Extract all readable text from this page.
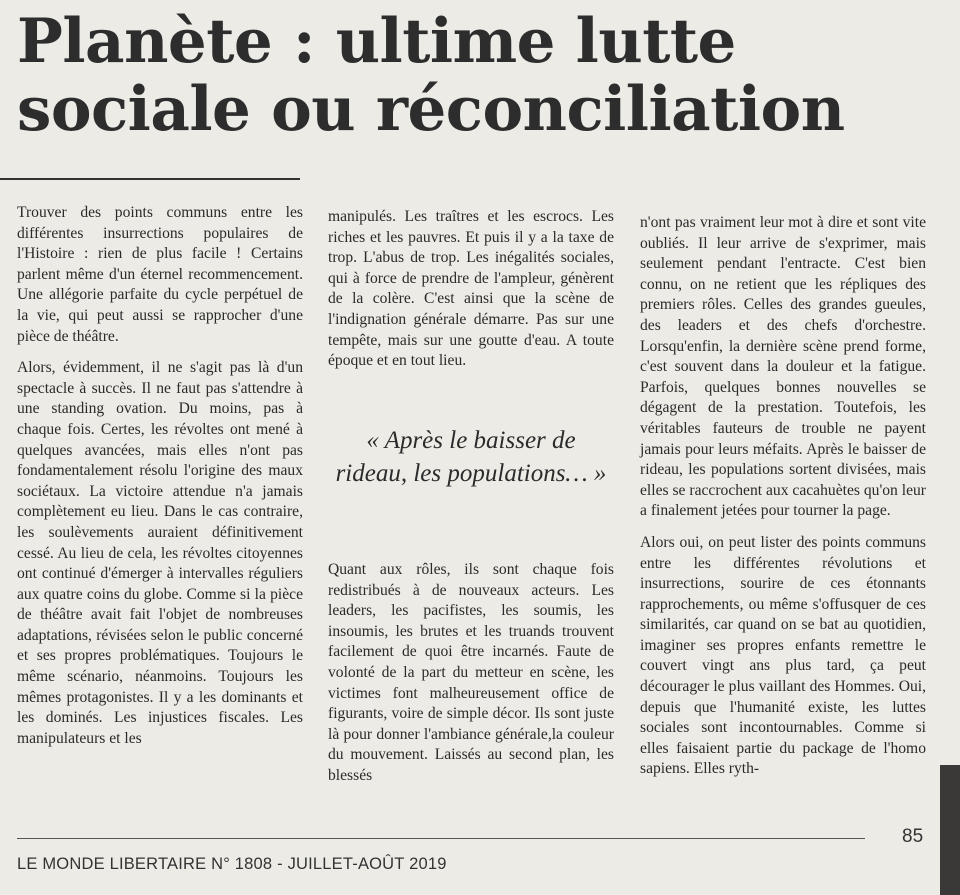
Planète : ultime lutte sociale ou réconciliation

Trouver des points communs entre les différentes insurrections populaires de l'Histoire : rien de plus facile ! Certains parlent même d'un éternel recommencement. Une allégorie parfaite du cycle perpétuel de la vie, qui peut aussi se rapprocher d'une pièce de théâtre.

Alors, évidemment, il ne s'agit pas là d'un spectacle à succès. Il ne faut pas s'attendre à une standing ovation. Du moins, pas à chaque fois. Certes, les révoltes ont mené à quelques avancées, mais elles n'ont pas fondamentalement résolu l'origine des maux sociétaux. La victoire attendue n'a jamais complètement eu lieu. Dans le cas contraire, les soulèvements auraient définitivement cessé. Au lieu de cela, les révoltes citoyennes ont continué d'émerger à intervalles réguliers aux quatre coins du globe. Comme si la pièce de théâtre avait fait l'objet de nombreuses adaptations, révisées selon le public concerné et ses propres problématiques. Toujours le même scénario, néanmoins. Toujours les mêmes protagonistes. Il y a les dominants et les dominés. Les injustices fiscales. Les manipulateurs et les

manipulés. Les traîtres et les escrocs. Les riches et les pauvres. Et puis il y a la taxe de trop. L'abus de trop. Les inégalités sociales, qui à force de prendre de l'ampleur, génèrent de la colère. C'est ainsi que la scène de l'indignation générale démarre. Pas sur une tempête, mais sur une goutte d'eau. A toute époque et en tout lieu.

« Après le baisser de rideau, les populations… »

Quant aux rôles, ils sont chaque fois redistribués à de nouveaux acteurs. Les leaders, les pacifistes, les soumis, les insoumis, les brutes et les truands trouvent facilement de quoi être incarnés. Faute de volonté de la part du metteur en scène, les victimes font malheureusement office de figurants, voire de simple décor. Ils sont juste là pour donner l'ambiance générale,la couleur du mouvement. Laissés au second plan, les blessés

n'ont pas vraiment leur mot à dire et sont vite oubliés. Il leur arrive de s'exprimer, mais seulement pendant l'entracte. C'est bien connu, on ne retient que les répliques des premiers rôles. Celles des grandes gueules, des leaders et des chefs d'orchestre. Lorsqu'enfin, la dernière scène prend forme, c'est souvent dans la douleur et la fatigue. Parfois, quelques bonnes nouvelles se dégagent de la prestation. Toutefois, les véritables fauteurs de trouble ne payent jamais pour leurs méfaits. Après le baisser de rideau, les populations sortent divisées, mais elles se raccrochent aux cacahuètes qu'on leur a finalement jetées pour tourner la page.

Alors oui, on peut lister des points communs entre les différentes révolutions et insurrections, sourire de ces étonnants rapprochements, ou même s'offusquer de ces similarités, car quand on se bat au quotidien, imaginer ses propres enfants remettre le couvert vingt ans plus tard, ça peut décourager le plus vaillant des Hommes. Oui, depuis que l'humanité existe, les luttes sociales sont incontournables. Comme si elles faisaient partie du package de l'homo sapiens. Elles ryth-

LE MONDE LIBERTAIRE N° 1808 - JUILLET-AOÛT 2019
85
